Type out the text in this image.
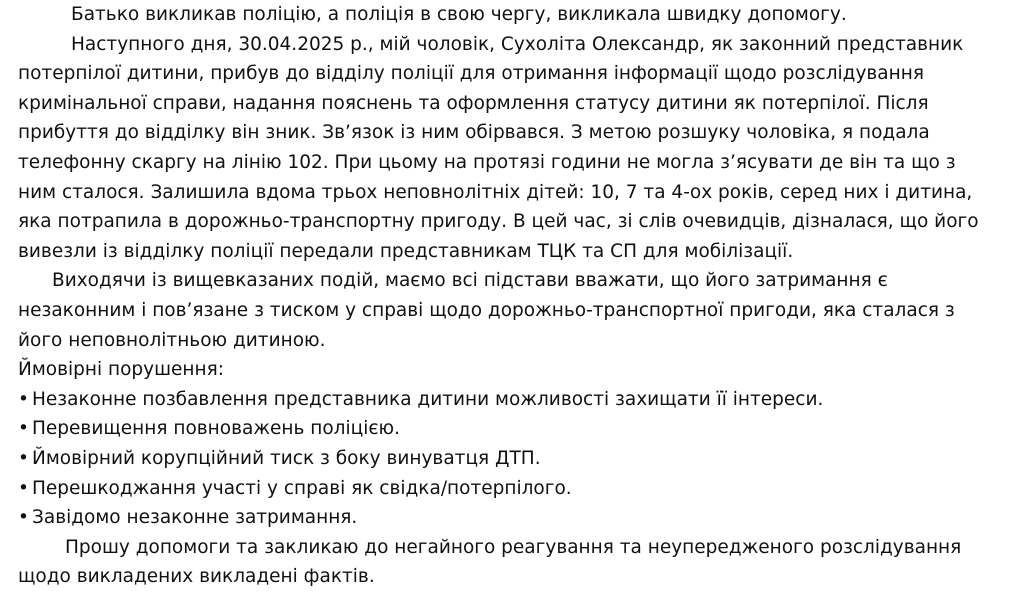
Батько викликав поліцію, а поліція в свою чергу, викликала швидку допомогу.

Наступного дня, 30.04.2025 р., мій чоловік, Сухоліта Олександр, як законний представник

потерпілої дитини, прибув до відділу поліції для отримання інформації щодо розслідування

кримінальної справи, надання пояснень та оформлення статусу дитини як потерпілої. Після

прибуття до відділку він зник. Зв’язок із ним обірвався. З метою розшуку чоловіка, я подала

телефонну скаргу на лінію 102. При цьому на протязі години не могла з’ясувати де він та що з

ним сталося. Залишила вдома трьох неповнолітніх дітей: 10, 7 та 4-ох років, серед них і дитина,

яка потрапила в дорожньо-транспортну пригоду. В цей час, зі слів очевидців, дізналася, що його

вивезли із відділку поліції передали представникам ТЦК та СП для мобілізації.

Виходячи із вищевказаних подій, маємо всі підстави вважати, що його затримання є

незаконним і пов’язане з тиском у справі щодо дорожньо-транспортної пригоди, яка сталася з

його неповнолітньою дитиною.

Ймовірні порушення:

• Незаконне позбавлення представника дитини можливості захищати її інтереси.
• Перевищення повноважень поліцією.
• Ймовірний корупційний тиск з боку винуватця ДТП.
• Перешкоджання участі у справі як свідка/потерпілого.
• Завідомо незаконне затримання.

Прошу допомоги та закликаю до негайного реагування та неупередженого розслідування

щодо викладених викладені фактів.
